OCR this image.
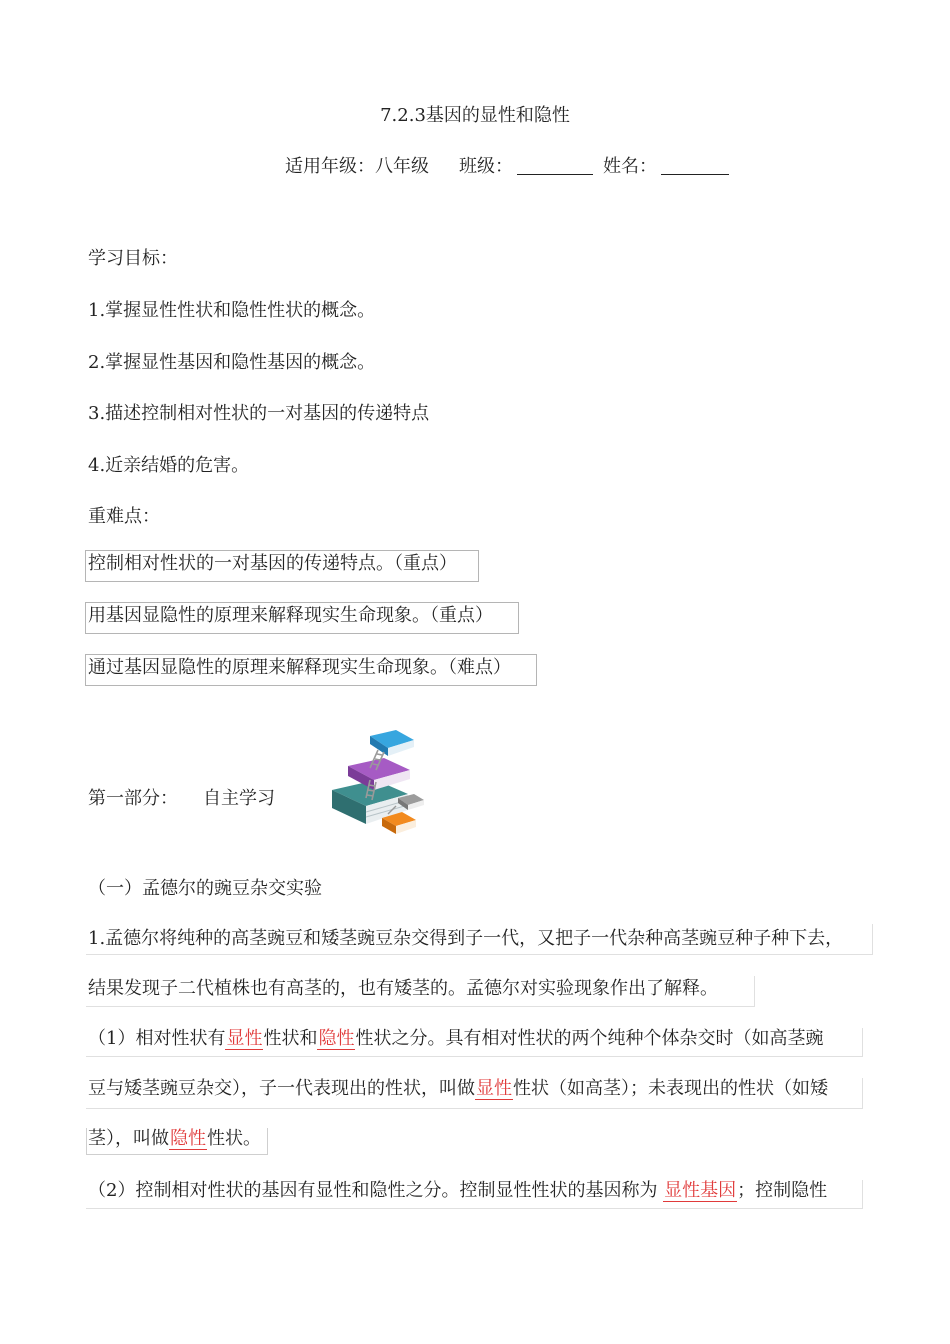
7.2.3基因的显性和隐性
适用年级：八年级 班级：	姓名：
学习目标：
1.掌握显性性状和隐性性状的概念。
2.掌握显性基因和隐性基因的概念。
3.描述控制相对性状的一对基因的传递特点
4.近亲结婚的危害。
重难点：
控制相对性状的一对基因的传递特点。（重点）
用基因显隐性的原理来解释现实生命现象。（重点）
通过基因显隐性的原理来解释现实生命现象。（难点）
第一部分： 自主学习
（一）孟德尔的豌豆杂交实验
1.孟德尔将纯种的高茎豌豆和矮茎豌豆杂交得到子一代，又把子一代杂种高茎豌豆种子种下去，
结果发现子二代植株也有高茎的，也有矮茎的。孟德尔对实验现象作出了解释。
（1）相对性状有显性性状和隐性性状之分。具有相对性状的两个纯种个体杂交时（如高茎豌
豆与矮茎豌豆杂交），子一代表现出的性状，叫做显性性状（如高茎）；未表现出的性状（如矮
茎），叫做隐性性状。
（2）控制相对性状的基因有显性和隐性之分。控制显性性状的基因称为 显性基因；控制隐性
